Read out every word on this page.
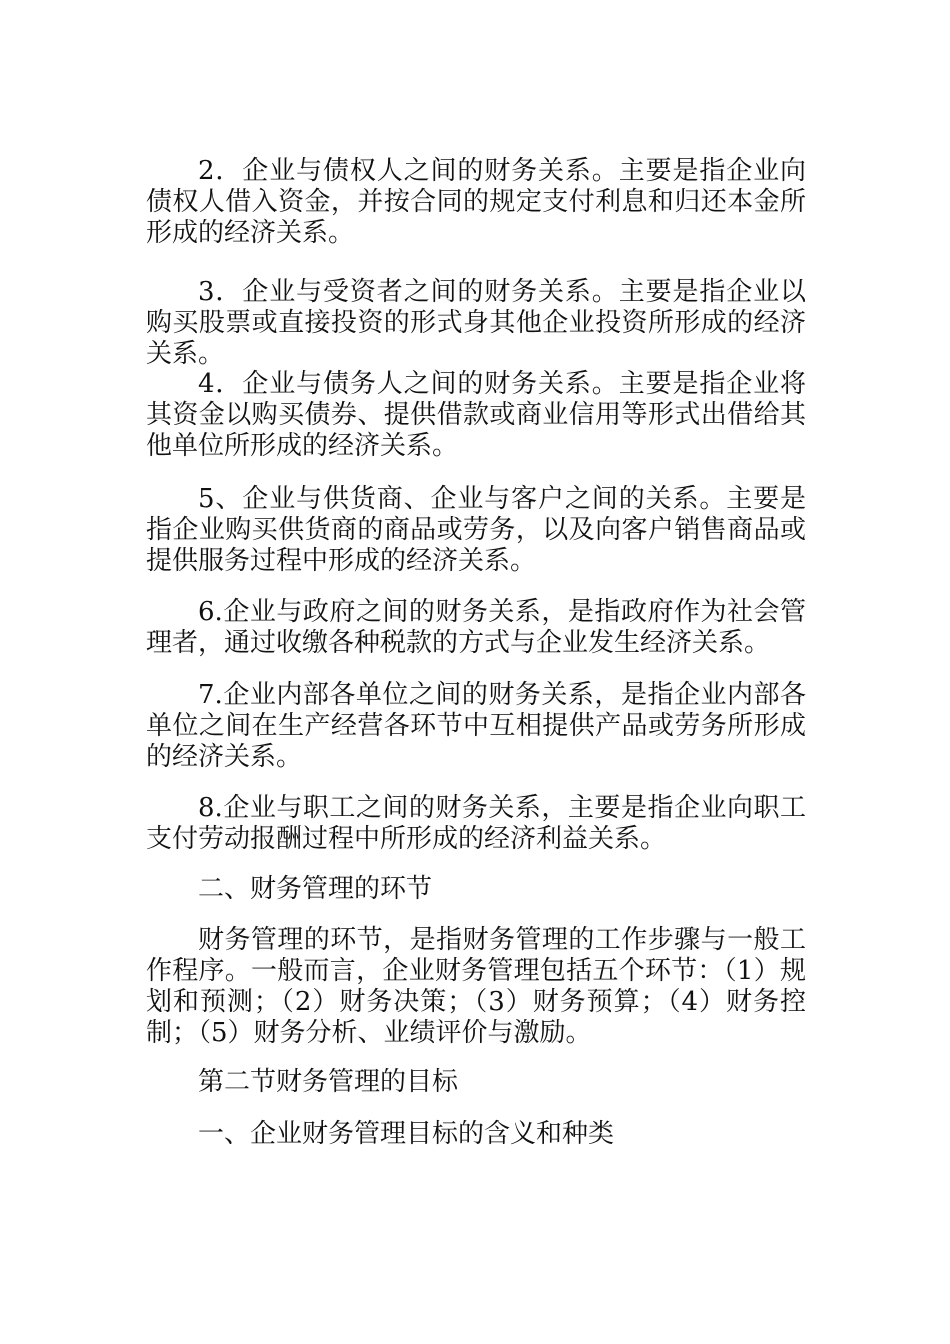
2．企业与债权人之间的财务关系。主要是指企业向债权人借入资金，并按合同的规定支付利息和归还本金所形成的经济关系。

3．企业与受资者之间的财务关系。主要是指企业以购买股票或直接投资的形式身其他企业投资所形成的经济关系。

4．企业与债务人之间的财务关系。主要是指企业将其资金以购买债券、提供借款或商业信用等形式出借给其他单位所形成的经济关系。

5、企业与供货商、企业与客户之间的关系。主要是指企业购买供货商的商品或劳务，以及向客户销售商品或提供服务过程中形成的经济关系。

6.企业与政府之间的财务关系，是指政府作为社会管理者，通过收缴各种税款的方式与企业发生经济关系。

7.企业内部各单位之间的财务关系，是指企业内部各单位之间在生产经营各环节中互相提供产品或劳务所形成的经济关系。

8.企业与职工之间的财务关系，主要是指企业向职工支付劳动报酬过程中所形成的经济利益关系。

二、财务管理的环节

财务管理的环节，是指财务管理的工作步骤与一般工作程序。一般而言，企业财务管理包括五个环节：（1）规划和预测；（2）财务决策；（3）财务预算；（4）财务控制；（5）财务分析、业绩评价与激励。

第二节财务管理的目标

一、企业财务管理目标的含义和种类
